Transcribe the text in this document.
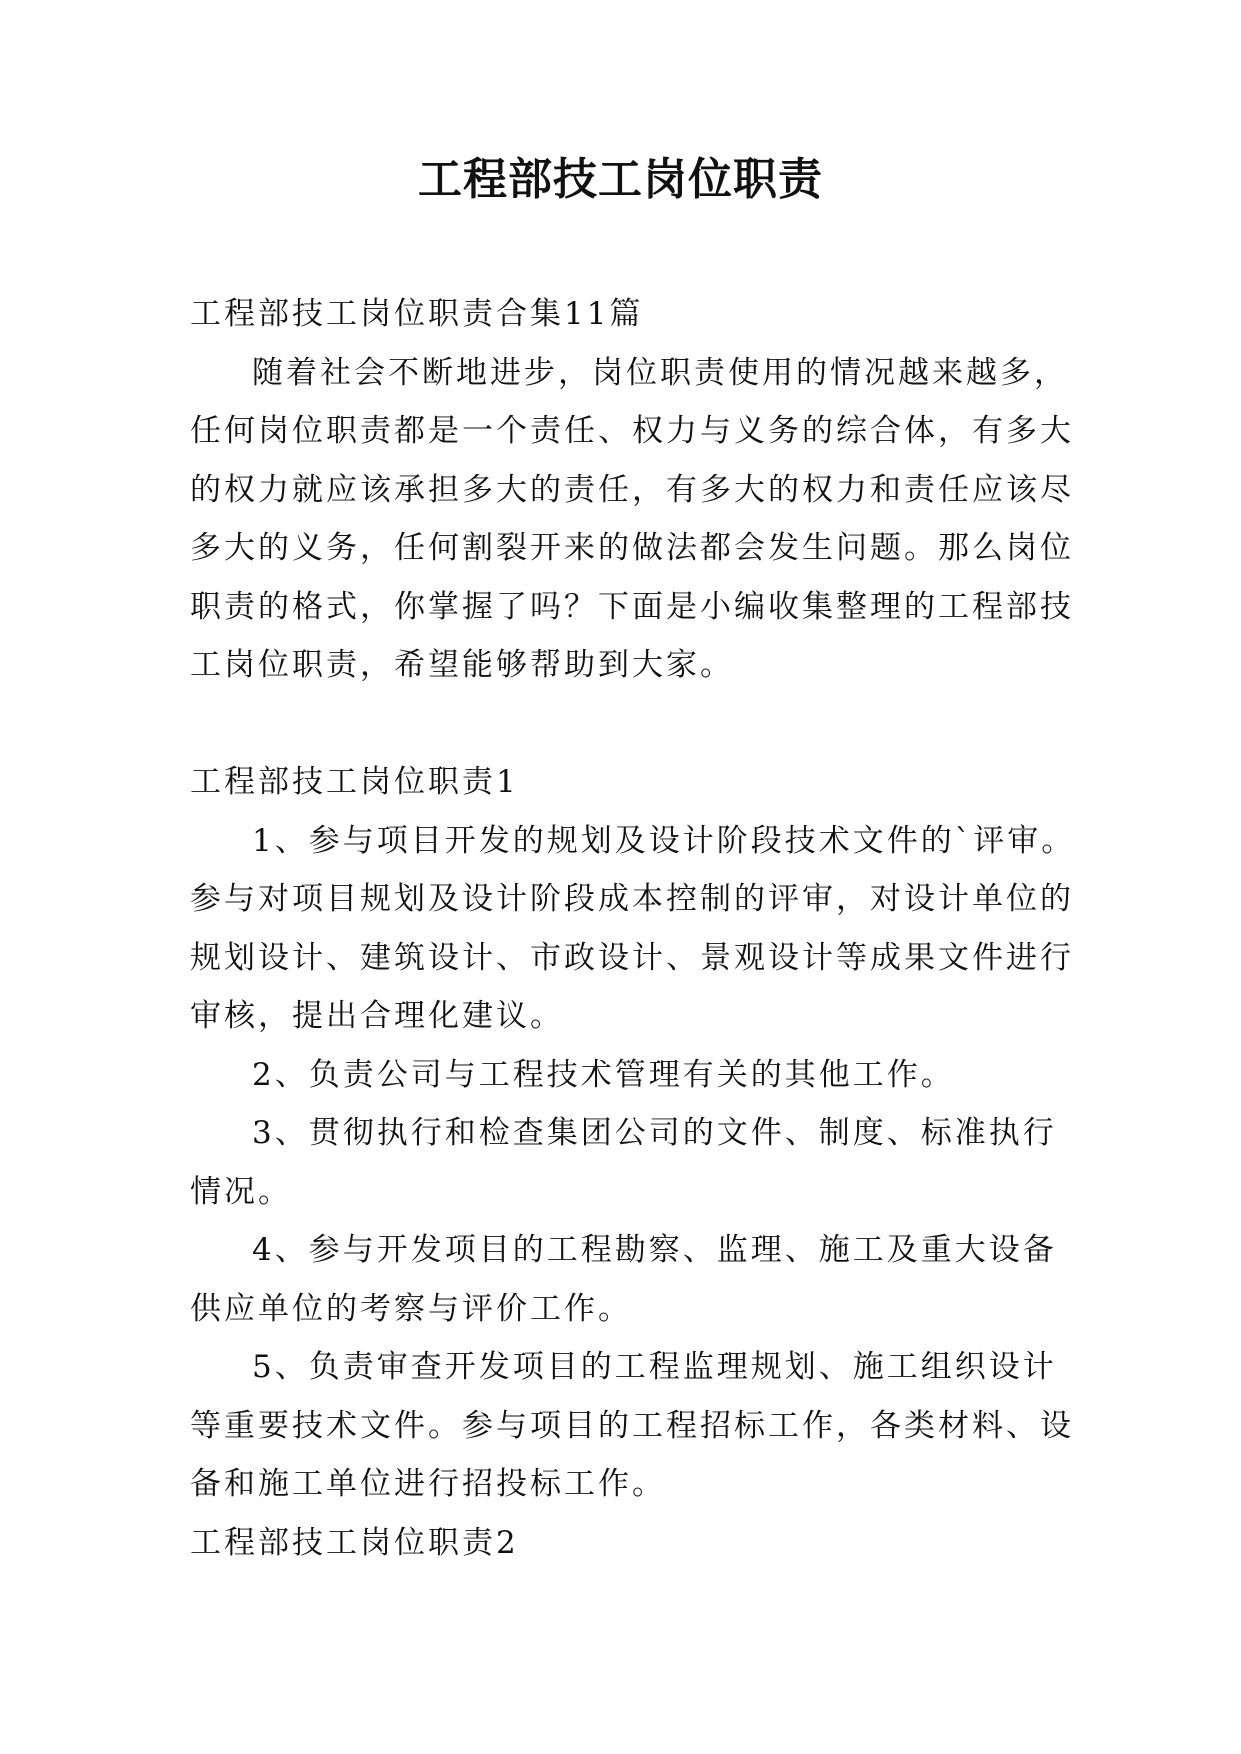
工程部技工岗位职责

工程部技工岗位职责合集11篇

随着社会不断地进步，岗位职责使用的情况越来越多，

任何岗位职责都是一个责任、权力与义务的综合体，有多大

的权力就应该承担多大的责任，有多大的权力和责任应该尽

多大的义务，任何割裂开来的做法都会发生问题。那么岗位

职责的格式，你掌握了吗？下面是小编收集整理的工程部技

工岗位职责，希望能够帮助到大家。

工程部技工岗位职责1

1、参与项目开发的规划及设计阶段技术文件的`评审。

参与对项目规划及设计阶段成本控制的评审，对设计单位的

规划设计、建筑设计、市政设计、景观设计等成果文件进行

审核，提出合理化建议。

2、负责公司与工程技术管理有关的其他工作。

3、贯彻执行和检查集团公司的文件、制度、标准执行

情况。

4、参与开发项目的工程勘察、监理、施工及重大设备

供应单位的考察与评价工作。

5、负责审查开发项目的工程监理规划、施工组织设计

等重要技术文件。参与项目的工程招标工作，各类材料、设

备和施工单位进行招投标工作。

工程部技工岗位职责2
